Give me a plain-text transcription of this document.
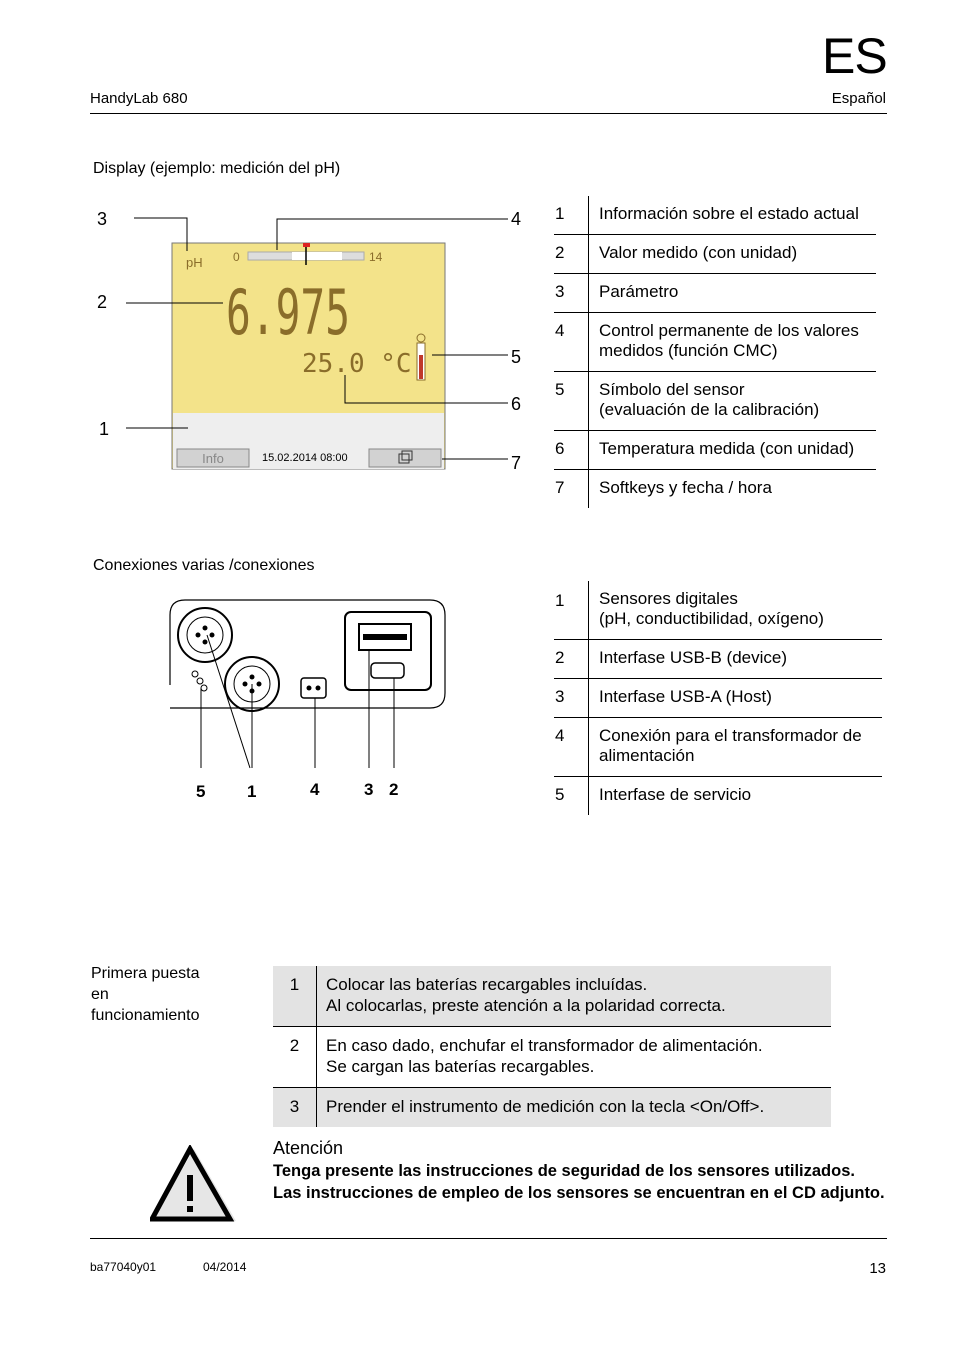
ES
HandyLab 680	Español
Display (ejemplo: medición del pH)
Info	15.02.2014 08:00
pH	0	14
6.975
25.0 °C
3
2
1
4
5
6
7
1	Información sobre el estado actual
2	Valor medido (con unidad)
3	Parámetro
4	Control permanente de los valores
medidos (función CMC)
5	Símbolo del sensor
(evaluación de la calibración)
6	Temperatura medida (con unidad)
7	Softkeys y fecha / hora
Conexiones varias /conexiones
5 1	4	3 2
1	Sensores digitales
(pH, conductibilidad, oxígeno)
2	Interfase USB-B (device)
3	Interfase USB-A (Host)
4	Conexión para el transformador de
alimentación
5	Interfase de servicio
Primera puesta
en
funcionamiento
1	Colocar las baterías recargables incluídas.
Al colocarlas, preste atención a la polaridad correcta.
2	En caso dado, enchufar el transformador de alimentación.
Se cargan las baterías recargables.
3	Prender el instrumento de medición con la tecla <On/Off>.
Atención
Tenga presente las instrucciones de seguridad de los sensores utilizados.
Las instrucciones de empleo de los sensores se encuentran en el CD adjunto.
ba77040y01	04/2014	13
